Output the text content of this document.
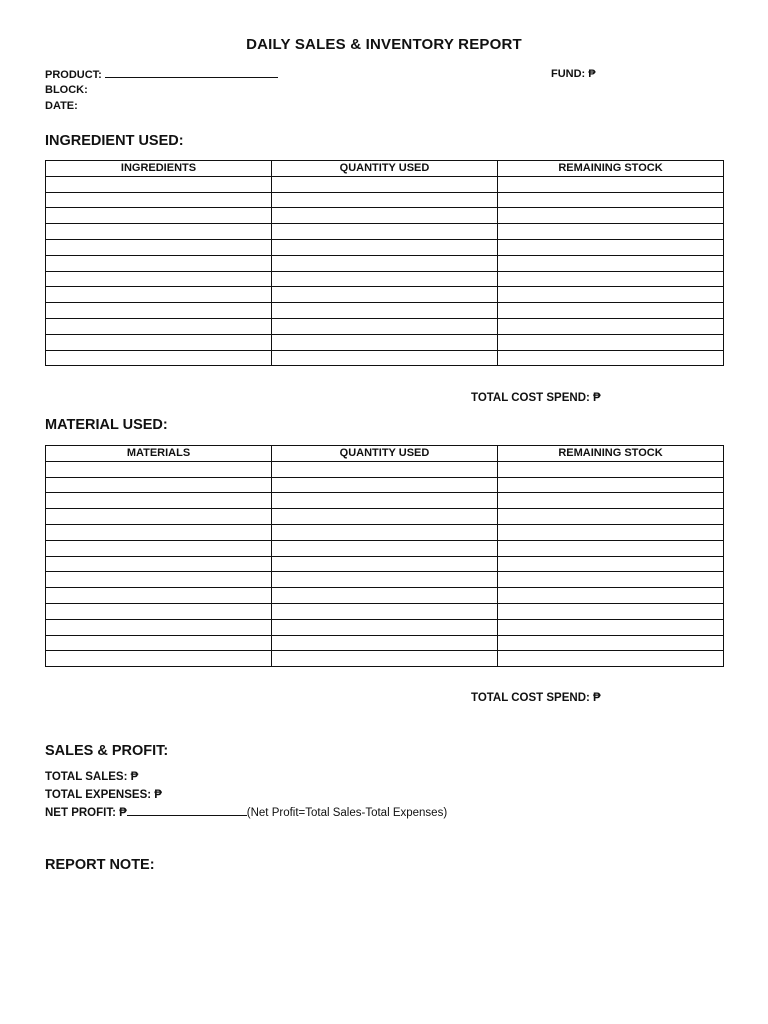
DAILY SALES & INVENTORY REPORT
PRODUCT:	FUND: ₱
BLOCK:
DATE:
INGREDIENT USED:
INGREDIENTS	QUANTITY USED	REMAINING STOCK

TOTAL COST SPEND: ₱
MATERIAL USED:
MATERIALS	QUANTITY USED	REMAINING STOCK

TOTAL COST SPEND: ₱
SALES & PROFIT:
TOTAL SALES: ₱
TOTAL EXPENSES: ₱
NET PROFIT: ₱	(Net Profit=Total Sales-Total Expenses)
REPORT NOTE:
